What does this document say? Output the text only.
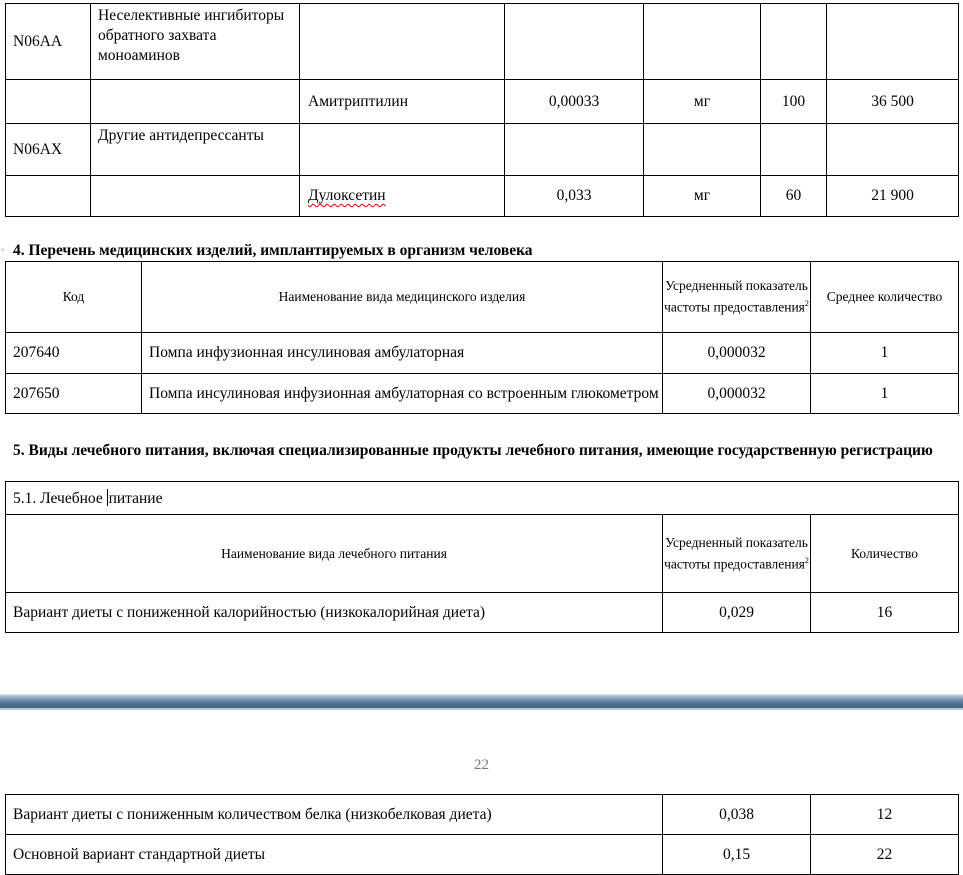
N06AA	Неселективные ингибиторы обратного захвата моноаминов					
		Амитриптилин	0,00033	мг	100	36 500
N06AX	Другие антидепрессанты					
		Дулоксетин	0,033	мг	60	21 900
▫ 4. Перечень медицинских изделий, имплантируемых в организм человека
Код	Наименование вида медицинского изделия	Усредненный показатель частоты предоставления$^2$	Среднее количество
207640	Помпа инфузионная инсулиновая амбулаторная	0,000032	1
207650	Помпа инсулиновая инфузионная амбулаторная со встроенным глюкометром	0,000032	1
▫
5. Виды лечебного питания, включая специализированные продукты лечебного питания, имеющие государственную регистрацию
5.1. Лечебное питание		
Наименование вида лечебного питания	Усредненный показатель частоты предоставления$^2$	Количество
Вариант диеты с пониженной калорийностью (низкокалорийная диета)	0,029	16
22
Вариант диеты с пониженным количеством белка (низкобелковая диета)	0,038	12
Основной вариант стандартной диеты	0,15	22
